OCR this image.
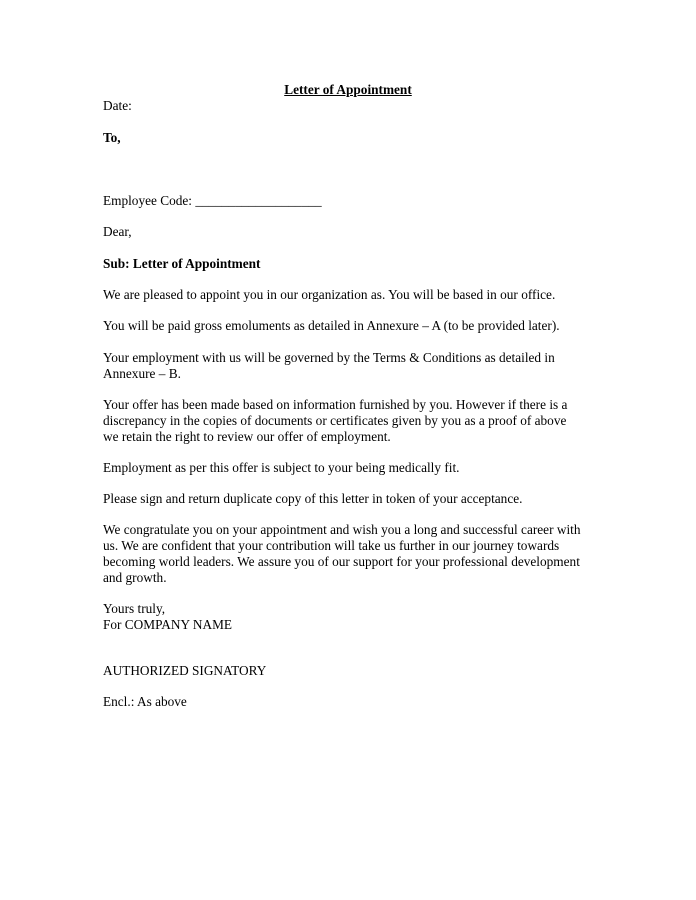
Letter of Appointment
Date:
To,
Employee Code: ___________________
Dear,
Sub: Letter of Appointment
We are pleased to appoint you in our organization as. You will be based in our office.
You will be paid gross emoluments as detailed in Annexure – A (to be provided later).
Your employment with us will be governed by the Terms & Conditions as detailed in
Annexure – B.
Your offer has been made based on information furnished by you. However if there is a
discrepancy in the copies of documents or certificates given by you as a proof of above
we retain the right to review our offer of employment.
Employment as per this offer is subject to your being medically fit.
Please sign and return duplicate copy of this letter in token of your acceptance.
We congratulate you on your appointment and wish you a long and successful career with
us. We are confident that your contribution will take us further in our journey towards
becoming world leaders. We assure you of our support for your professional development
and growth.
Yours truly,
For COMPANY NAME
AUTHORIZED SIGNATORY
Encl.: As above
